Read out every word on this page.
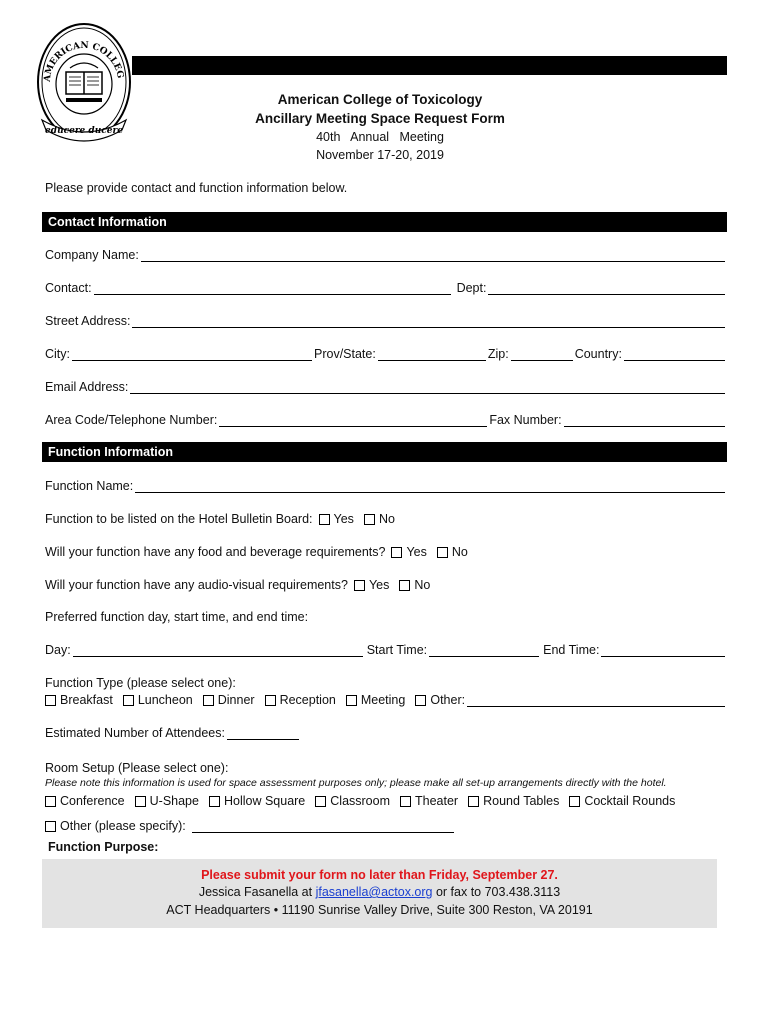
AMERICAN COLLEG
educere ducere
American College of Toxicology
Ancillary Meeting Space Request Form
40th   Annual   Meeting
November 17-20, 2019
Please provide contact and function information below.
Contact Information
Company Name:
Contact:	Dept:
Street Address:
City:	Prov/State:	Zip:	Country:
Email Address:
Area Code/Telephone Number:	Fax Number:
Function Information
Function Name:
Function to be listed on the Hotel Bulletin Board: Yes No
Will your function have any food and beverage requirements? Yes No
Will your function have any audio-visual requirements? Yes No
Preferred function day, start time, and end time:
Day:	Start Time:	End Time:
Function Type (please select one):
Breakfast Luncheon Dinner Reception Meeting Other:
Estimated Number of Attendees:
Room Setup (Please select one):
Please note this information is used for space assessment purposes only; please make all set-up arrangements directly with the hotel.
Conference U-Shape Hollow Square Classroom Theater Round Tables Cocktail Rounds
Other (please specify):
Function Purpose:
Please submit your form no later than Friday, September 27.
Jessica Fasanella at jfasanella@actox.org or fax to 703.438.3113
ACT Headquarters • 11190 Sunrise Valley Drive, Suite 300 Reston, VA 20191
